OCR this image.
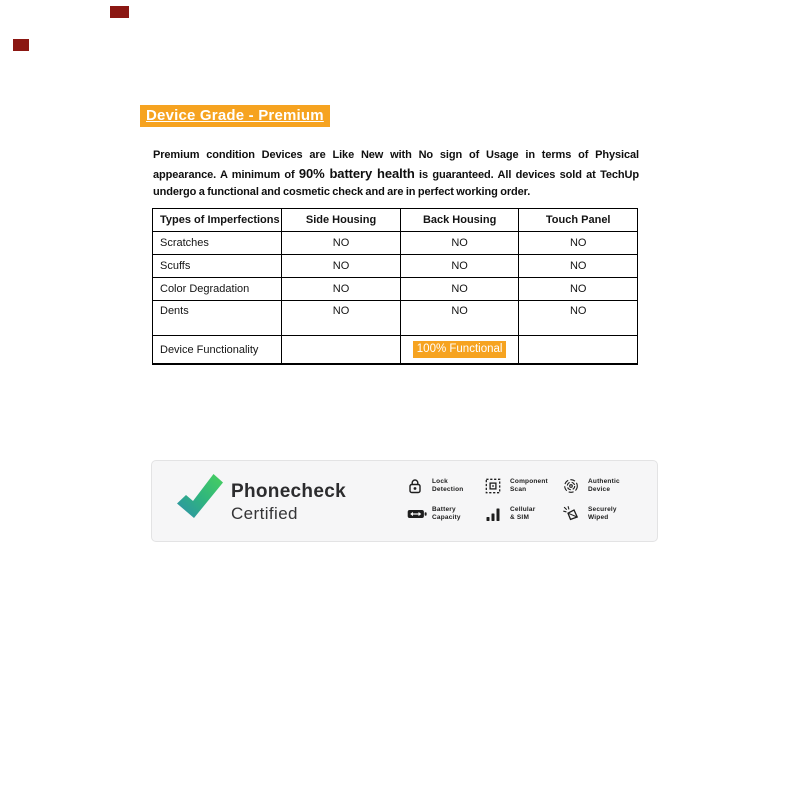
Device Grade - Premium

Premium condition Devices are Like New with No sign of Usage in terms of Physical appearance. A minimum of 90% battery health is guaranteed. All devices sold at TechUp undergo a functional and cosmetic check and are in perfect working order.

Types of Imperfections	Side Housing	Back Housing	Touch Panel
Scratches	NO	NO	NO
Scuffs	NO	NO	NO
Color Degradation	NO	NO	NO
Dents	NO	NO	NO
Device Functionality		100% Functional	
Phonecheck
Certified
Lock
Detection
Battery
Capacity
Component
Scan
Cellular
& SIM
Authentic
Device
Securely
Wiped
